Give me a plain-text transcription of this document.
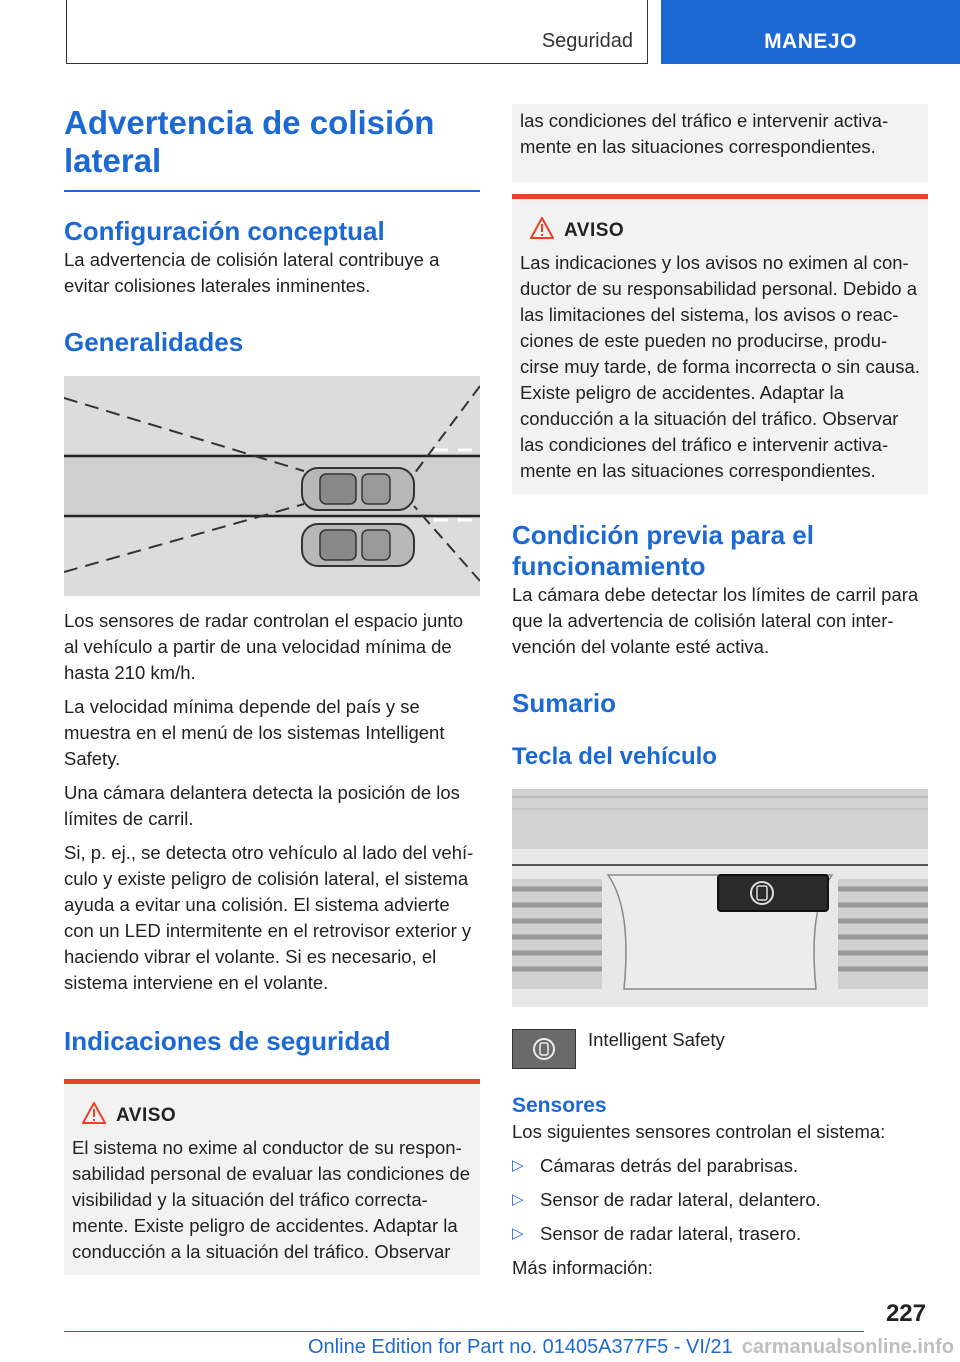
Seguridad	MANEJO
Advertencia de colisión lateral
Configuración conceptual

La advertencia de colisión lateral contribuye a evitar colisiones laterales inminentes.

Generalidades

Los sensores de radar controlan el espacio junto al vehículo a partir de una velocidad mínima de hasta 210 km/h.

La velocidad mínima depende del país y se muestra en el menú de los sistemas Intelligent Safety.

Una cámara delantera detecta la posición de los límites de carril.

Si, p. ej., se detecta otro vehículo al lado del vehículo y existe peligro de colisión lateral, el sistema ayuda a evitar una colisión. El sistema advierte con un LED intermitente en el retrovisor exterior y haciendo vibrar el volante. Si es necesario, el sistema interviene en el volante.

Indicaciones de seguridad
AVISO

El sistema no exime al conductor de su responsabilidad personal de evaluar las condiciones de visibilidad y la situación del tráfico correctamente. Existe peligro de accidentes. Adaptar la conducción a la situación del tráfico. Observar

las condiciones del tráfico e intervenir activamente en las situaciones correspondientes.

AVISO

Las indicaciones y los avisos no eximen al conductor de su responsabilidad personal. Debido a las limitaciones del sistema, los avisos o reacciones de este pueden no producirse, producirse muy tarde, de forma incorrecta o sin causa. Existe peligro de accidentes. Adaptar la conducción a la situación del tráfico. Observar las condiciones del tráfico e intervenir activamente en las situaciones correspondientes.

Condición previa para el funcionamiento

La cámara debe detectar los límites de carril para que la advertencia de colisión lateral con intervención del volante esté activa.

Sumario
Tecla del vehículo

Intelligent Safety

Sensores

Los siguientes sensores controlan el sistema:

▷ Cámaras detrás del parabrisas.

▷ Sensor de radar lateral, delantero.

▷ Sensor de radar lateral, trasero.

Más información:

227
Online Edition for Part no. 01405A377F5 - VI/21 carmanualsonline.info
